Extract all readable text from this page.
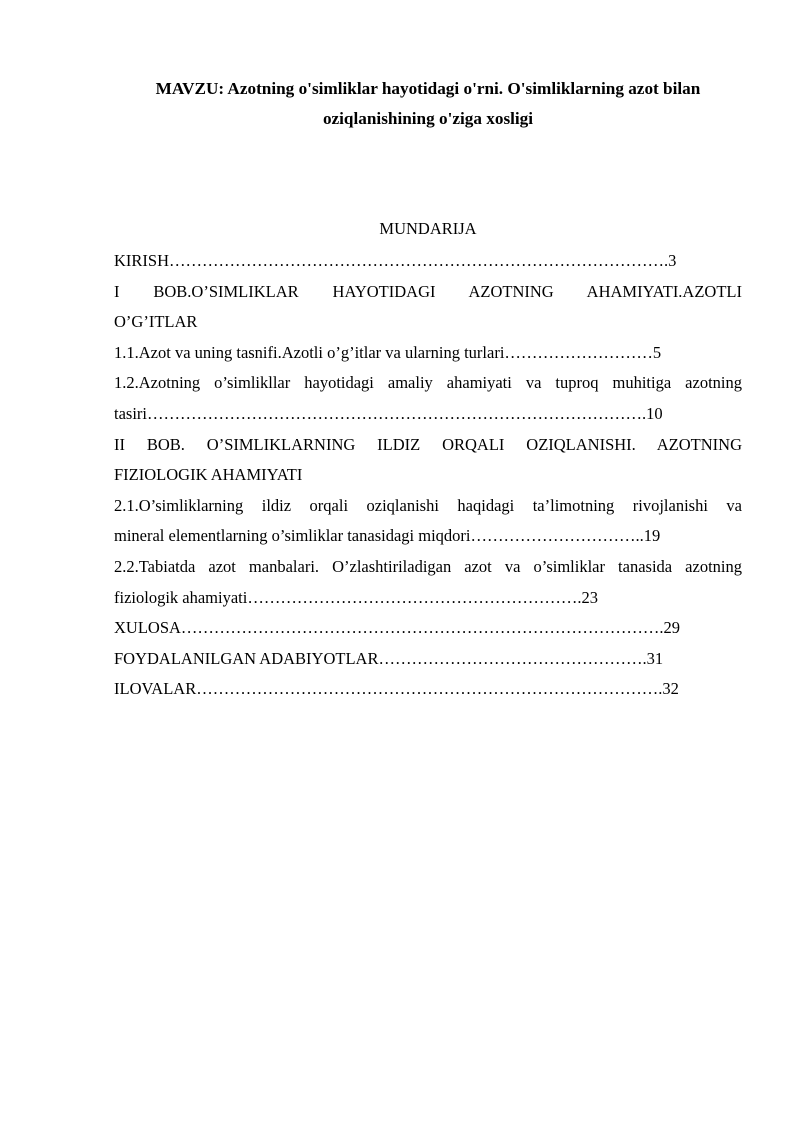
MAVZU: Azotning o'simliklar hayotidagi o'rni. O'simliklarning azot bilan
oziqlanishining o'ziga xosligi

MUNDARIJA

KIRISH……………………………………………………………………………….3
I BOB.O’SIMLIKLAR HAYOTIDAGI AZOTNING AHAMIYATI.AZOTLI
O’G’ITLAR
1.1.Azot va uning tasnifi.Azotli o’g’itlar va ularning turlari………………………5
1.2.Azotning o’simlikllar hayotidagi amaliy ahamiyati va tuproq muhitiga azotning
tasiri……………………………………………………………………………….10
II BOB. O’SIMLIKLARNING ILDIZ ORQALI OZIQLANISHI. AZOTNING
FIZIOLOGIK AHAMIYATI
2.1.O’simliklarning ildiz orqali oziqlanishi haqidagi ta’limotning rivojlanishi va
mineral elementlarning o’simliklar tanasidagi miqdori…………………………..19
2.2.Tabiatda azot manbalari. O’zlashtiriladigan azot va o’simliklar tanasida azotning
fiziologik ahamiyati…………………………………………………….23
XULOSA…………………………………………………………………………….29
FOYDALANILGAN ADABIYOTLAR………………………………………….31
ILOVALAR………………………………………………………………………….32
